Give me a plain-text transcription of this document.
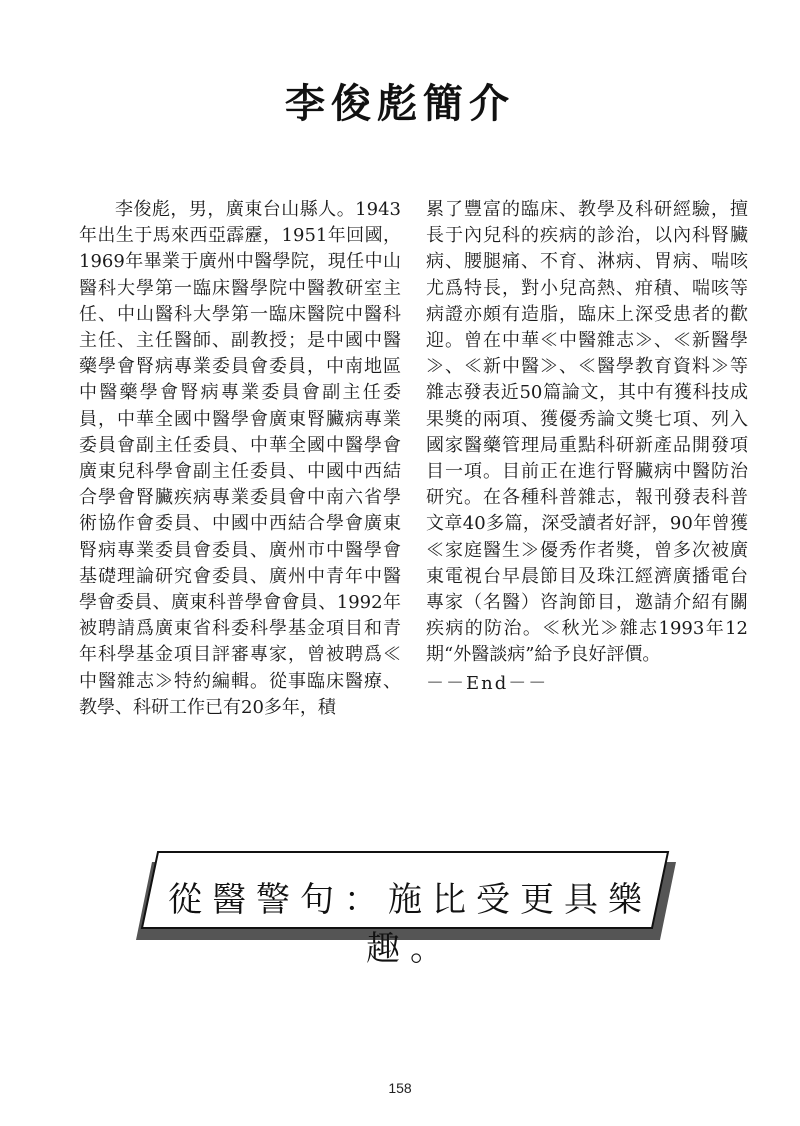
李俊彪簡介

李俊彪，男，廣東台山縣人。1943年出生于馬來西亞霹靂，1951年回國，1969年畢業于廣州中醫學院，現任中山醫科大學第一臨床醫學院中醫教研室主任、中山醫科大學第一臨床醫院中醫科主任、主任醫師、副教授；是中國中醫藥學會腎病專業委員會委員，中南地區中醫藥學會腎病專業委員會副主任委員，中華全國中醫學會廣東腎臟病專業委員會副主任委員、中華全國中醫學會廣東兒科學會副主任委員、中國中西結合學會腎臟疾病專業委員會中南六省學術協作會委員、中國中西結合學會廣東腎病專業委員會委員、廣州市中醫學會基礎理論研究會委員、廣州中青年中醫學會委員、廣東科普學會會員、1992年被聘請爲廣東省科委科學基金項目和青年科學基金項目評審專家，曾被聘爲≪中醫雜志≫特約編輯。從事臨床醫療、教學、科研工作已有20多年，積

累了豐富的臨床、教學及科研經驗，擅長于內兒科的疾病的診治，以內科腎臟病、腰腿痛、不育、淋病、胃病、喘咳尤爲特長，對小兒高熱、疳積、喘咳等病證亦頗有造脂，臨床上深受患者的歡迎。曾在中華≪中醫雜志≫、≪新醫學≫、≪新中醫≫、≪醫學教育資料≫等雜志發表近50篇論文，其中有獲科技成果獎的兩項、獲優秀論文獎七項、列入國家醫藥管理局重點科研新產品開發項目一項。目前正在進行腎臟病中醫防治研究。在各種科普雜志，報刊發表科普文章40多篇，深受讀者好評，90年曾獲≪家庭醫生≫優秀作者獎，曾多次被廣東電視台早晨節目及珠江經濟廣播電台專家（名醫）咨詢節目，邀請介紹有關疾病的防治。≪秋光≫雜志1993年12期“外醫談病”給予良好評價。

－－End－－
從醫警句：施比受更具樂趣。
158
